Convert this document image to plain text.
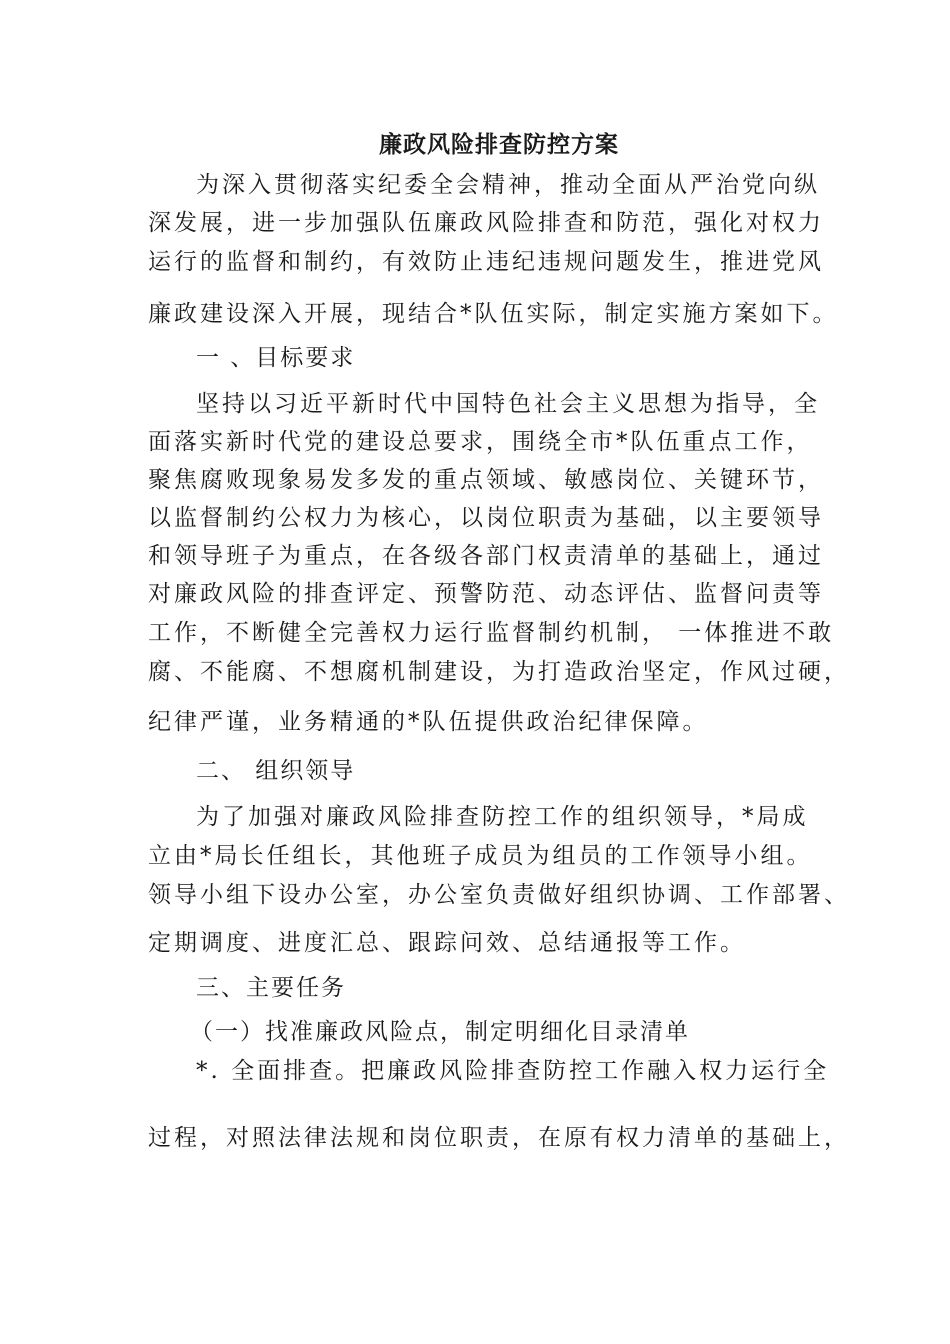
廉政风险排查防控方案
为深入贯彻落实纪委全会精神，推动全面从严治党向纵
深发展，进一步加强队伍廉政风险排查和防范，强化对权力
运行的监督和制约，有效防止违纪违规问题发生，推进党风
廉政建设深入开展，现结合*队伍实际，制定实施方案如下。
一 、目标要求
坚持以习近平新时代中国特色社会主义思想为指导，全
面落实新时代党的建设总要求，围绕全市*队伍重点工作，
聚焦腐败现象易发多发的重点领域、敏感岗位、关键环节，
以监督制约公权力为核心，以岗位职责为基础，以主要领导
和领导班子为重点，在各级各部门权责清单的基础上，通过
对廉政风险的排查评定、预警防范、动态评估、监督问责等
工作，不断健全完善权力运行监督制约机制， 一体推进不敢
腐、不能腐、不想腐机制建设，为打造政治坚定，作风过硬，
纪律严谨，业务精通的*队伍提供政治纪律保障。
二、 组织领导
为了加强对廉政风险排查防控工作的组织领导，*局成
立由*局长任组长，其他班子成员为组员的工作领导小组。
领导小组下设办公室，办公室负责做好组织协调、工作部署、
定期调度、进度汇总、跟踪问效、总结通报等工作。
三、主要任务
（一）找准廉政风险点，制定明细化目录清单
*. 全面排查。把廉政风险排查防控工作融入权力运行全
过程，对照法律法规和岗位职责，在原有权力清单的基础上，
